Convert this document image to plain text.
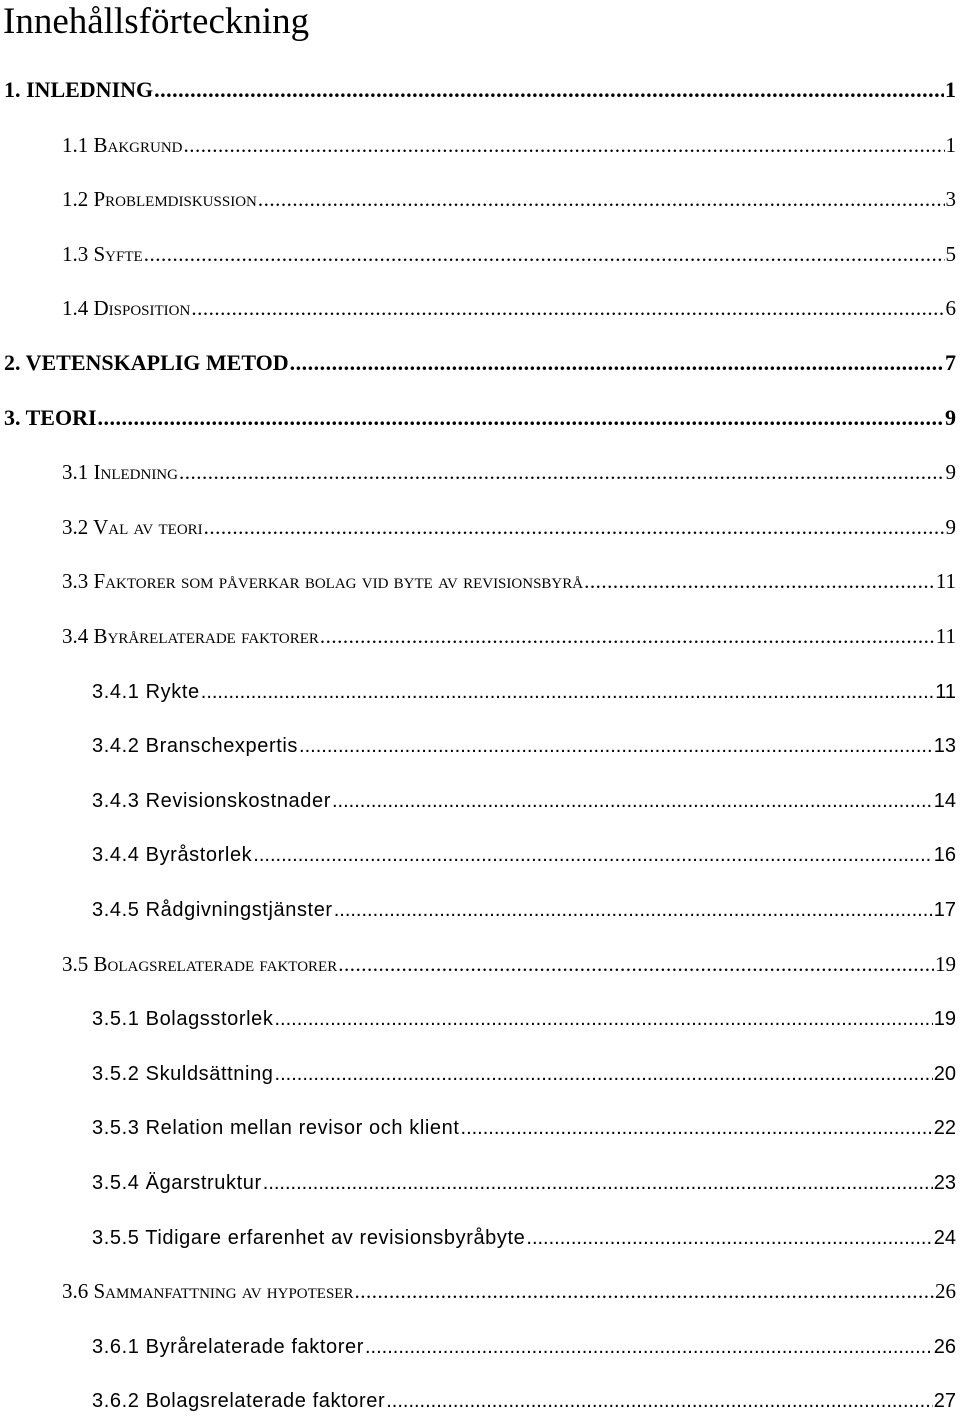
Innehållsförteckning
1. INLEDNING .....	1
1.1 Bakgrund .....	1
1.2 Problemdiskussion .....	3
1.3 Syfte .....	5
1.4 Disposition .....	6
2. VETENSKAPLIG METOD .....	7
3. TEORI .....	9
3.1 Inledning .....	9
3.2 Val av teori .....	9
3.3 Faktorer som påverkar bolag vid byte av revisionsbyrå .....	11
3.4 Byrårelaterade faktorer .....	11
3.4.1 Rykte .....	11
3.4.2 Branschexpertis .....	13
3.4.3 Revisionskostnader .....	14
3.4.4 Byråstorlek .....	16
3.4.5 Rådgivningstjänster .....	17
3.5 Bolagsrelaterade faktorer .....	19
3.5.1 Bolagsstorlek .....	19
3.5.2 Skuldsättning .....	20
3.5.3 Relation mellan revisor och klient .....	22
3.5.4 Ägarstruktur .....	23
3.5.5 Tidigare erfarenhet av revisionsbyråbyte .....	24
3.6 Sammanfattning av hypoteser .....	26
3.6.1 Byrårelaterade faktorer .....	26
3.6.2 Bolagsrelaterade faktorer .....	27
